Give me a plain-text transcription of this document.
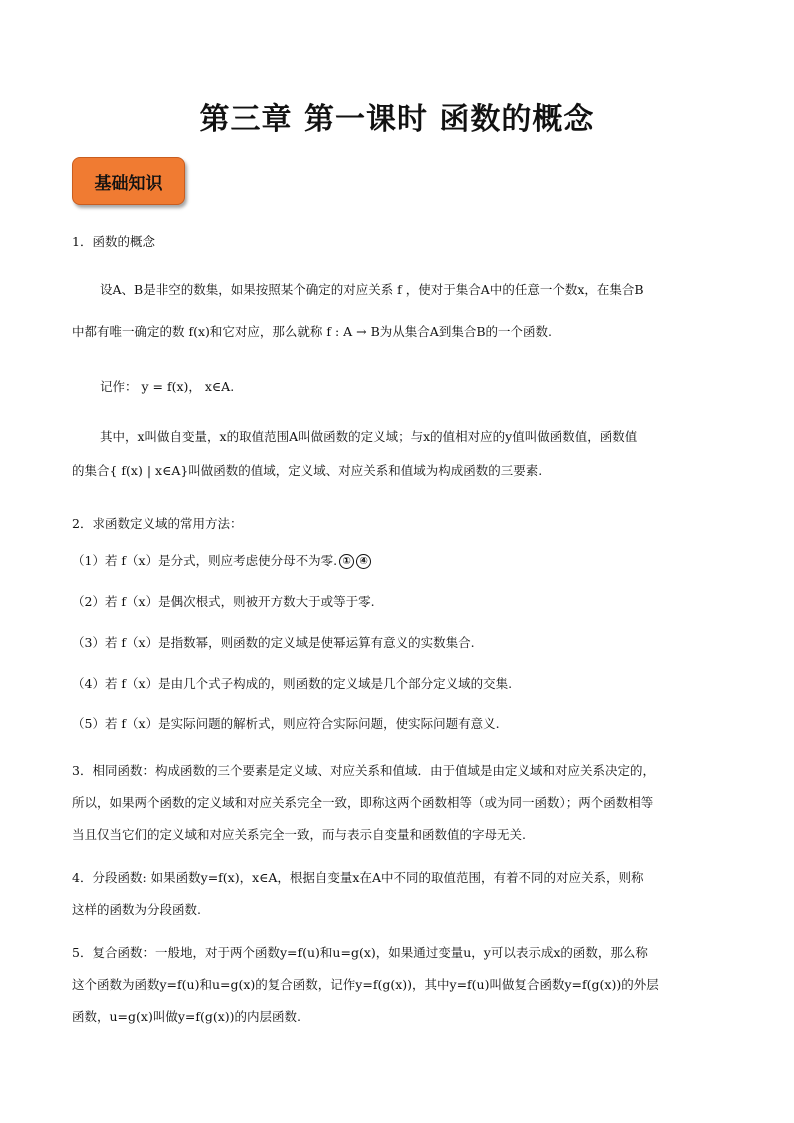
第三章 第一课时 函数的概念
基础知识
1．函数的概念
设A、B是非空的数集，如果按照某个确定的对应关系 f ，使对于集合A中的任意一个数x，在集合B
中都有唯一确定的数 f(x)和它对应，那么就称 f : A → B为从集合A到集合B的一个函数.
记作： y = f(x)， x∈A.
其中，x叫做自变量，x的取值范围A叫做函数的定义域；与x的值相对应的y值叫做函数值，函数值
的集合{ f(x) | x∈A}叫做函数的值域，定义域、对应关系和值域为构成函数的三要素.
2．求函数定义域的常用方法：
（1）若 f（x）是分式，则应考虑使分母不为零. ① ④
（2）若 f（x）是偶次根式，则被开方数大于或等于零.
（3）若 f（x）是指数幂，则函数的定义域是使幂运算有意义的实数集合.
（4）若 f（x）是由几个式子构成的，则函数的定义域是几个部分定义域的交集.
（5）若 f（x）是实际问题的解析式，则应符合实际问题，使实际问题有意义.
3．相同函数：构成函数的三个要素是定义域、对应关系和值域．由于值域是由定义域和对应关系决定的，
所以，如果两个函数的定义域和对应关系完全一致，即称这两个函数相等（或为同一函数）；两个函数相等
当且仅当它们的定义域和对应关系完全一致，而与表示自变量和函数值的字母无关.
4．分段函数: 如果函数y=f(x)，x∈A，根据自变量x在A中不同的取值范围，有着不同的对应关系，则称
这样的函数为分段函数.
5．复合函数：一般地，对于两个函数y=f(u)和u=g(x)，如果通过变量u，y可以表示成x的函数，那么称
这个函数为函数y=f(u)和u=g(x)的复合函数，记作y=f(g(x))，其中y=f(u)叫做复合函数y=f(g(x))的外层
函数，u=g(x)叫做y=f(g(x))的内层函数.
